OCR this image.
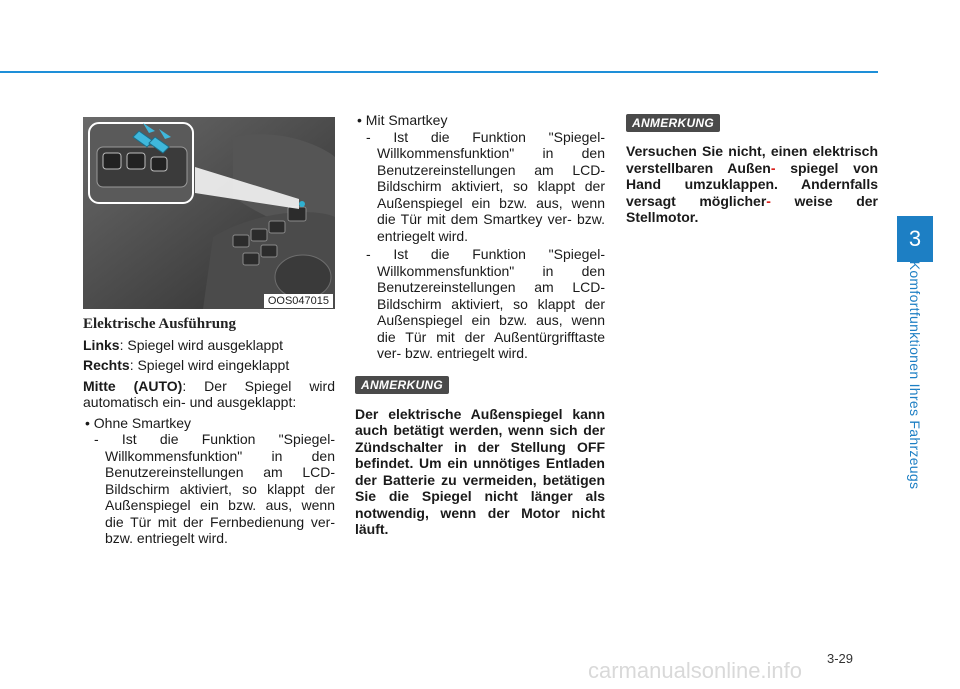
3
Komfortfunktionen Ihres Fahrzeugs
OOS047015
Elektrische Ausführung

Links: Spiegel wird ausgeklappt

Rechts: Spiegel wird eingeklappt

Mitte (AUTO): Der Spiegel wird automatisch ein- und ausgeklappt:

• Ohne Smartkey
- Ist die Funktion "Spiegel-Willkommensfunktion" in den Benutzereinstellungen am LCD-Bildschirm aktiviert, so klappt der Außenspiegel ein bzw. aus, wenn die Tür mit der Fernbedienung ver- bzw. entriegelt wird.
• Mit Smartkey
- Ist die Funktion "Spiegel-Willkommensfunktion" in den Benutzereinstellungen am LCD-Bildschirm aktiviert, so klappt der Außenspiegel ein bzw. aus, wenn die Tür mit dem Smartkey ver- bzw. entriegelt wird.
- Ist die Funktion "Spiegel-Willkommensfunktion" in den Benutzereinstellungen am LCD-Bildschirm aktiviert, so klappt der Außenspiegel ein bzw. aus, wenn die Tür mit der Außentürgrifftaste ver- bzw. entriegelt wird.
ANMERKUNG
Der elektrische Außenspiegel kann auch betätigt werden, wenn sich der Zündschalter in der Stellung OFF befindet. Um ein unnötiges Entladen der Batterie zu vermeiden, betätigen Sie die Spiegel nicht länger als notwendig, wenn der Motor nicht läuft.
ANMERKUNG
Versuchen Sie nicht, einen elektrisch verstellbaren Außen- spiegel von Hand umzuklappen. Andernfalls versagt möglicher- weise der Stellmotor.
3-29
carmanualsonline.info
